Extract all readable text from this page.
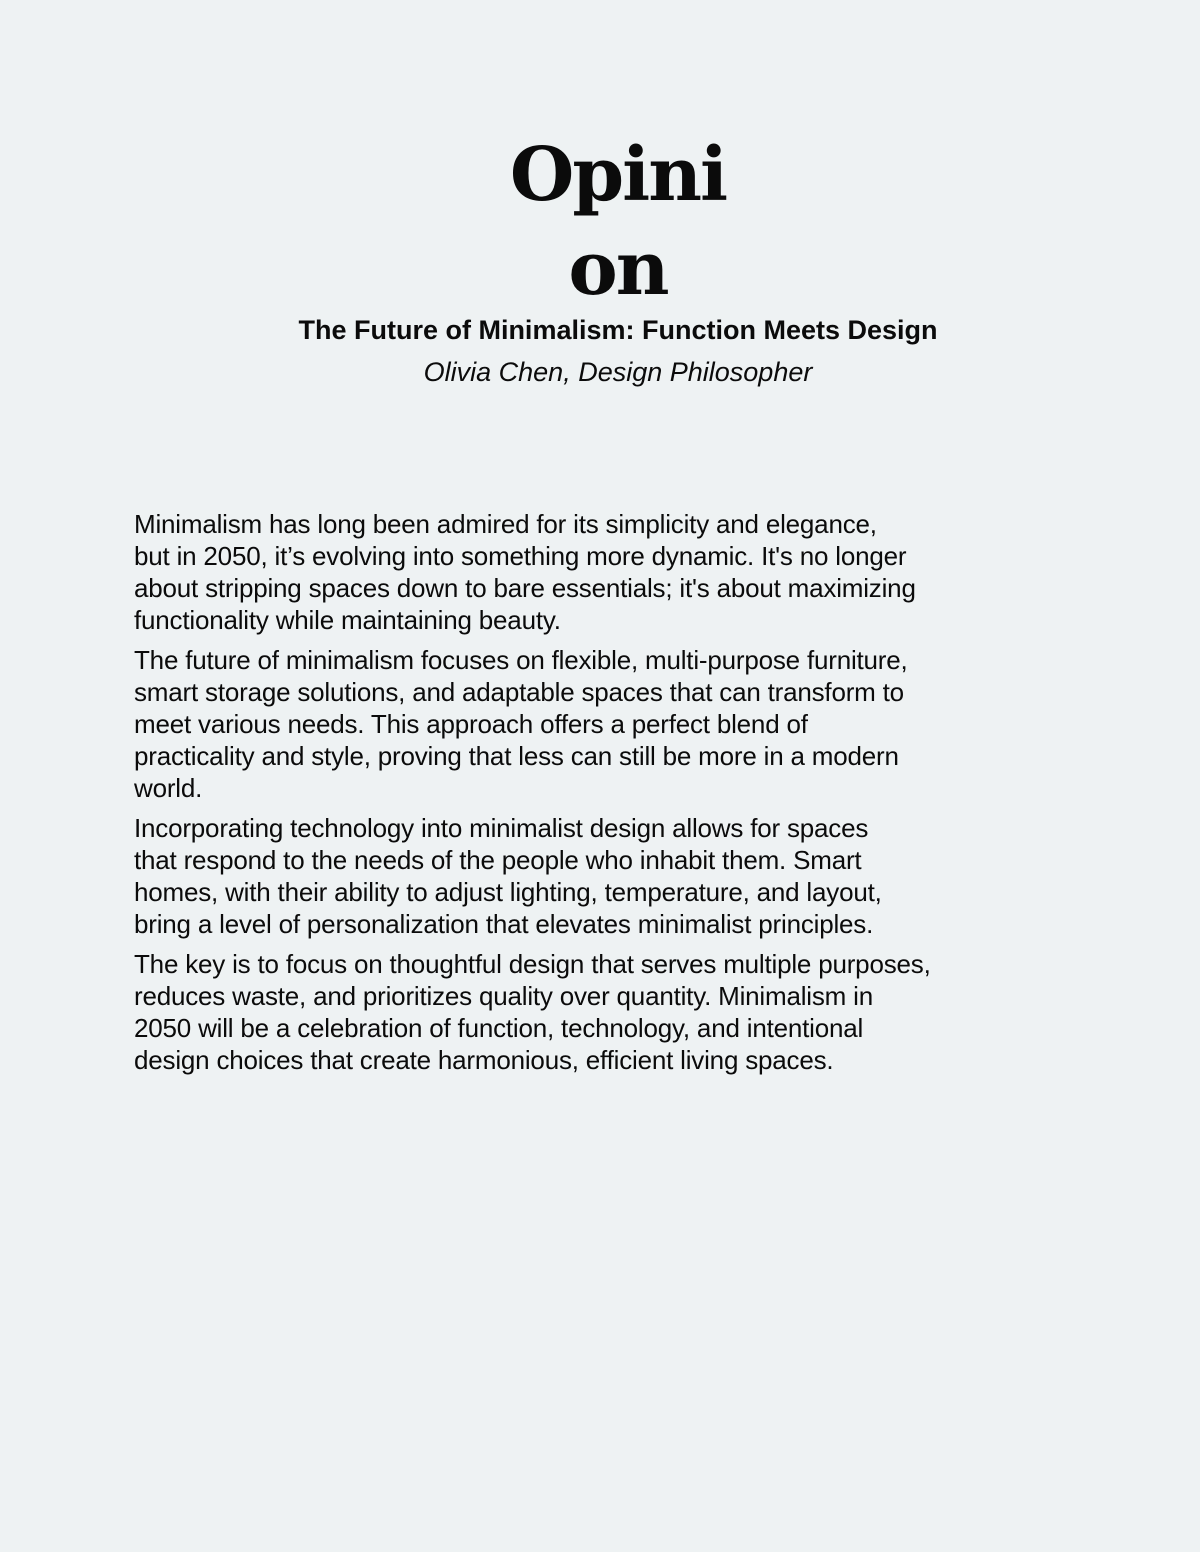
Opinion
The Future of Minimalism: Function Meets Design
Olivia Chen, Design Philosopher

Minimalism has long been admired for its simplicity and elegance,
but in 2050, it’s evolving into something more dynamic. It's no longer
about stripping spaces down to bare essentials; it's about maximizing
functionality while maintaining beauty.

The future of minimalism focuses on flexible, multi-purpose furniture,
smart storage solutions, and adaptable spaces that can transform to
meet various needs. This approach offers a perfect blend of
practicality and style, proving that less can still be more in a modern
world.

Incorporating technology into minimalist design allows for spaces
that respond to the needs of the people who inhabit them. Smart
homes, with their ability to adjust lighting, temperature, and layout,
bring a level of personalization that elevates minimalist principles.

The key is to focus on thoughtful design that serves multiple purposes,
reduces waste, and prioritizes quality over quantity. Minimalism in
2050 will be a celebration of function, technology, and intentional
design choices that create harmonious, efficient living spaces.
